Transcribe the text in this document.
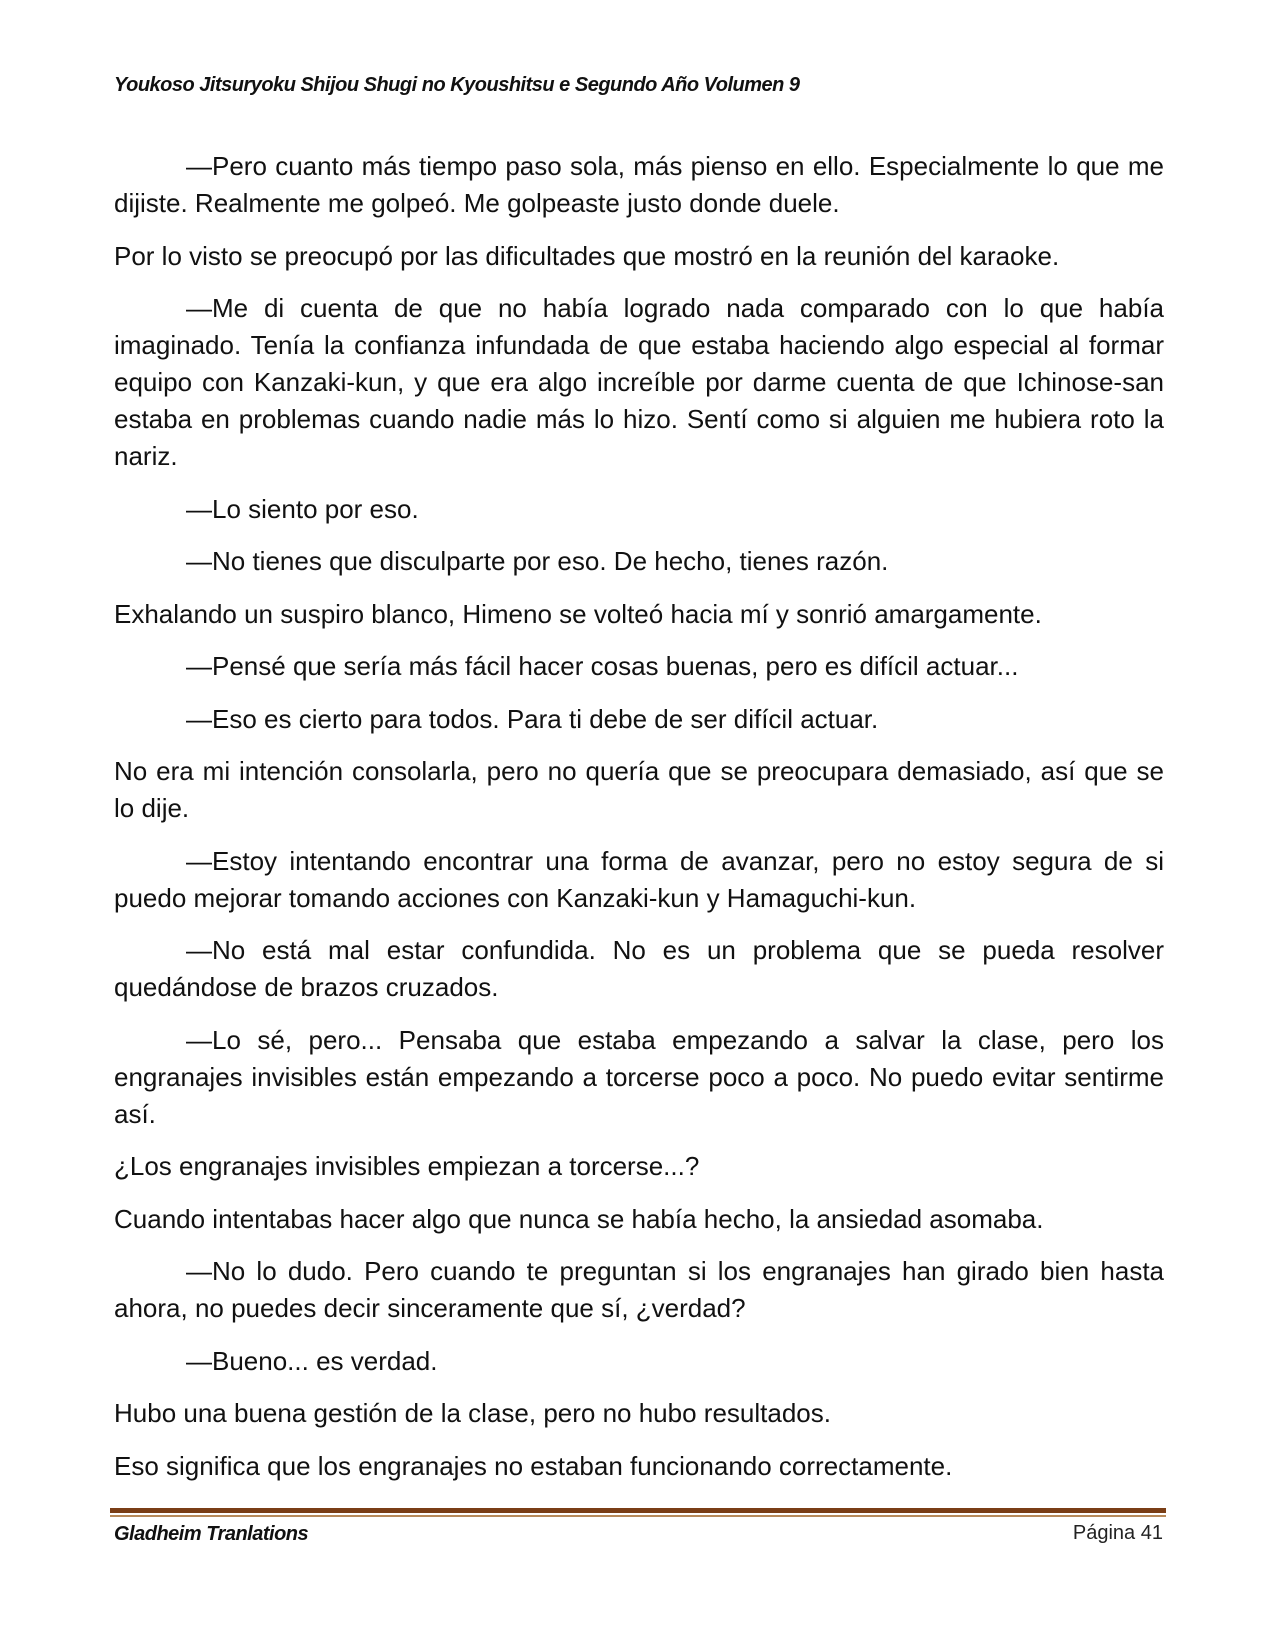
Youkoso Jitsuryoku Shijou Shugi no Kyoushitsu e Segundo Año Volumen 9

—Pero cuanto más tiempo paso sola, más pienso en ello. Especialmente lo que me dijiste. Realmente me golpeó. Me golpeaste justo donde duele.

Por lo visto se preocupó por las dificultades que mostró en la reunión del karaoke.

—Me di cuenta de que no había logrado nada comparado con lo que había imaginado. Tenía la confianza infundada de que estaba haciendo algo especial al formar equipo con Kanzaki-kun, y que era algo increíble por darme cuenta de que Ichinose-san estaba en problemas cuando nadie más lo hizo. Sentí como si alguien me hubiera roto la nariz.

—Lo siento por eso.

—No tienes que disculparte por eso. De hecho, tienes razón.

Exhalando un suspiro blanco, Himeno se volteó hacia mí y sonrió amargamente.

—Pensé que sería más fácil hacer cosas buenas, pero es difícil actuar...

—Eso es cierto para todos. Para ti debe de ser difícil actuar.

No era mi intención consolarla, pero no quería que se preocupara demasiado, así que se lo dije.

—Estoy intentando encontrar una forma de avanzar, pero no estoy segura de si puedo mejorar tomando acciones con Kanzaki-kun y Hamaguchi-kun.

—No está mal estar confundida. No es un problema que se pueda resolver quedándose de brazos cruzados.

—Lo sé, pero... Pensaba que estaba empezando a salvar la clase, pero los engranajes invisibles están empezando a torcerse poco a poco. No puedo evitar sentirme así.

¿Los engranajes invisibles empiezan a torcerse...?

Cuando intentabas hacer algo que nunca se había hecho, la ansiedad asomaba.

—No lo dudo. Pero cuando te preguntan si los engranajes han girado bien hasta ahora, no puedes decir sinceramente que sí, ¿verdad?

—Bueno... es verdad.

Hubo una buena gestión de la clase, pero no hubo resultados.

Eso significa que los engranajes no estaban funcionando correctamente.

Gladheim Tranlations	Página 41
